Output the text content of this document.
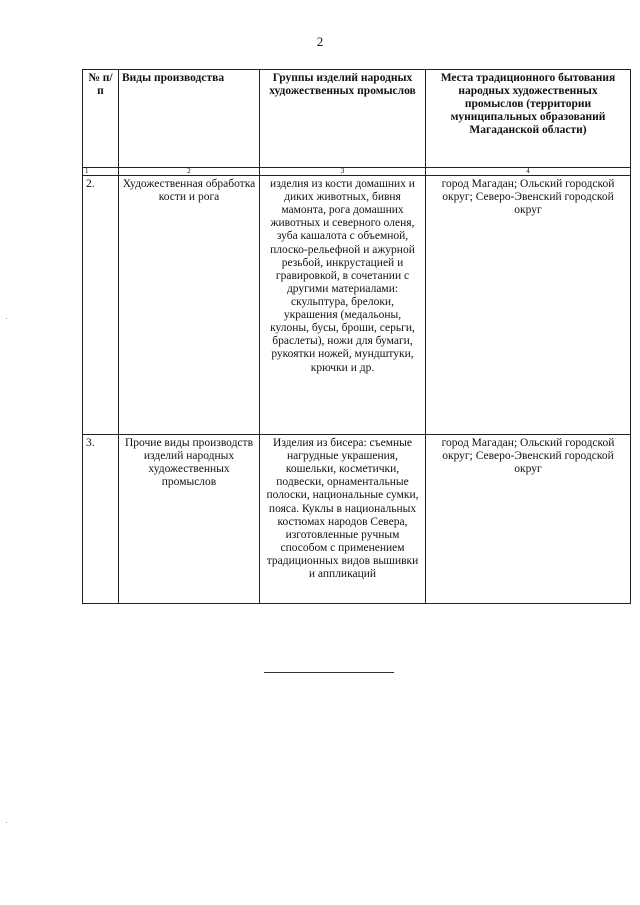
2
№ п/п	Виды производства	Группы изделий народных художественных промыслов	Места традиционного бытования народных художественных промыслов (территории муниципальных образований Магаданской области)
1	2	3	4
2.	Художественная обработка кости и рога	изделия из кости домашних и диких животных, бивня мамонта, рога домашних животных и северного оленя, зуба кашалота с объемной, плоско-рельефной и ажурной резьбой, инкрустацией и гравировкой, в сочетании с другими материалами: скульптура, брелоки, украшения (медальоны, кулоны, бусы, броши, серьги, браслеты), ножи для бумаги, рукоятки ножей, мундштуки, крючки и др.	город Магадан; Ольский городской округ; Северо-Эвенский городской округ
3.	Прочие виды производств изделий народных художественных промыслов	Изделия из бисера: съемные нагрудные украшения, кошельки, косметички, подвески, орнаментальные полоски, национальные сумки, пояса. Куклы в национальных костюмах народов Севера, изготовленные ручным способом с применением традиционных видов вышивки и аппликаций	город Магадан; Ольский городской округ; Северо-Эвенский городской округ
